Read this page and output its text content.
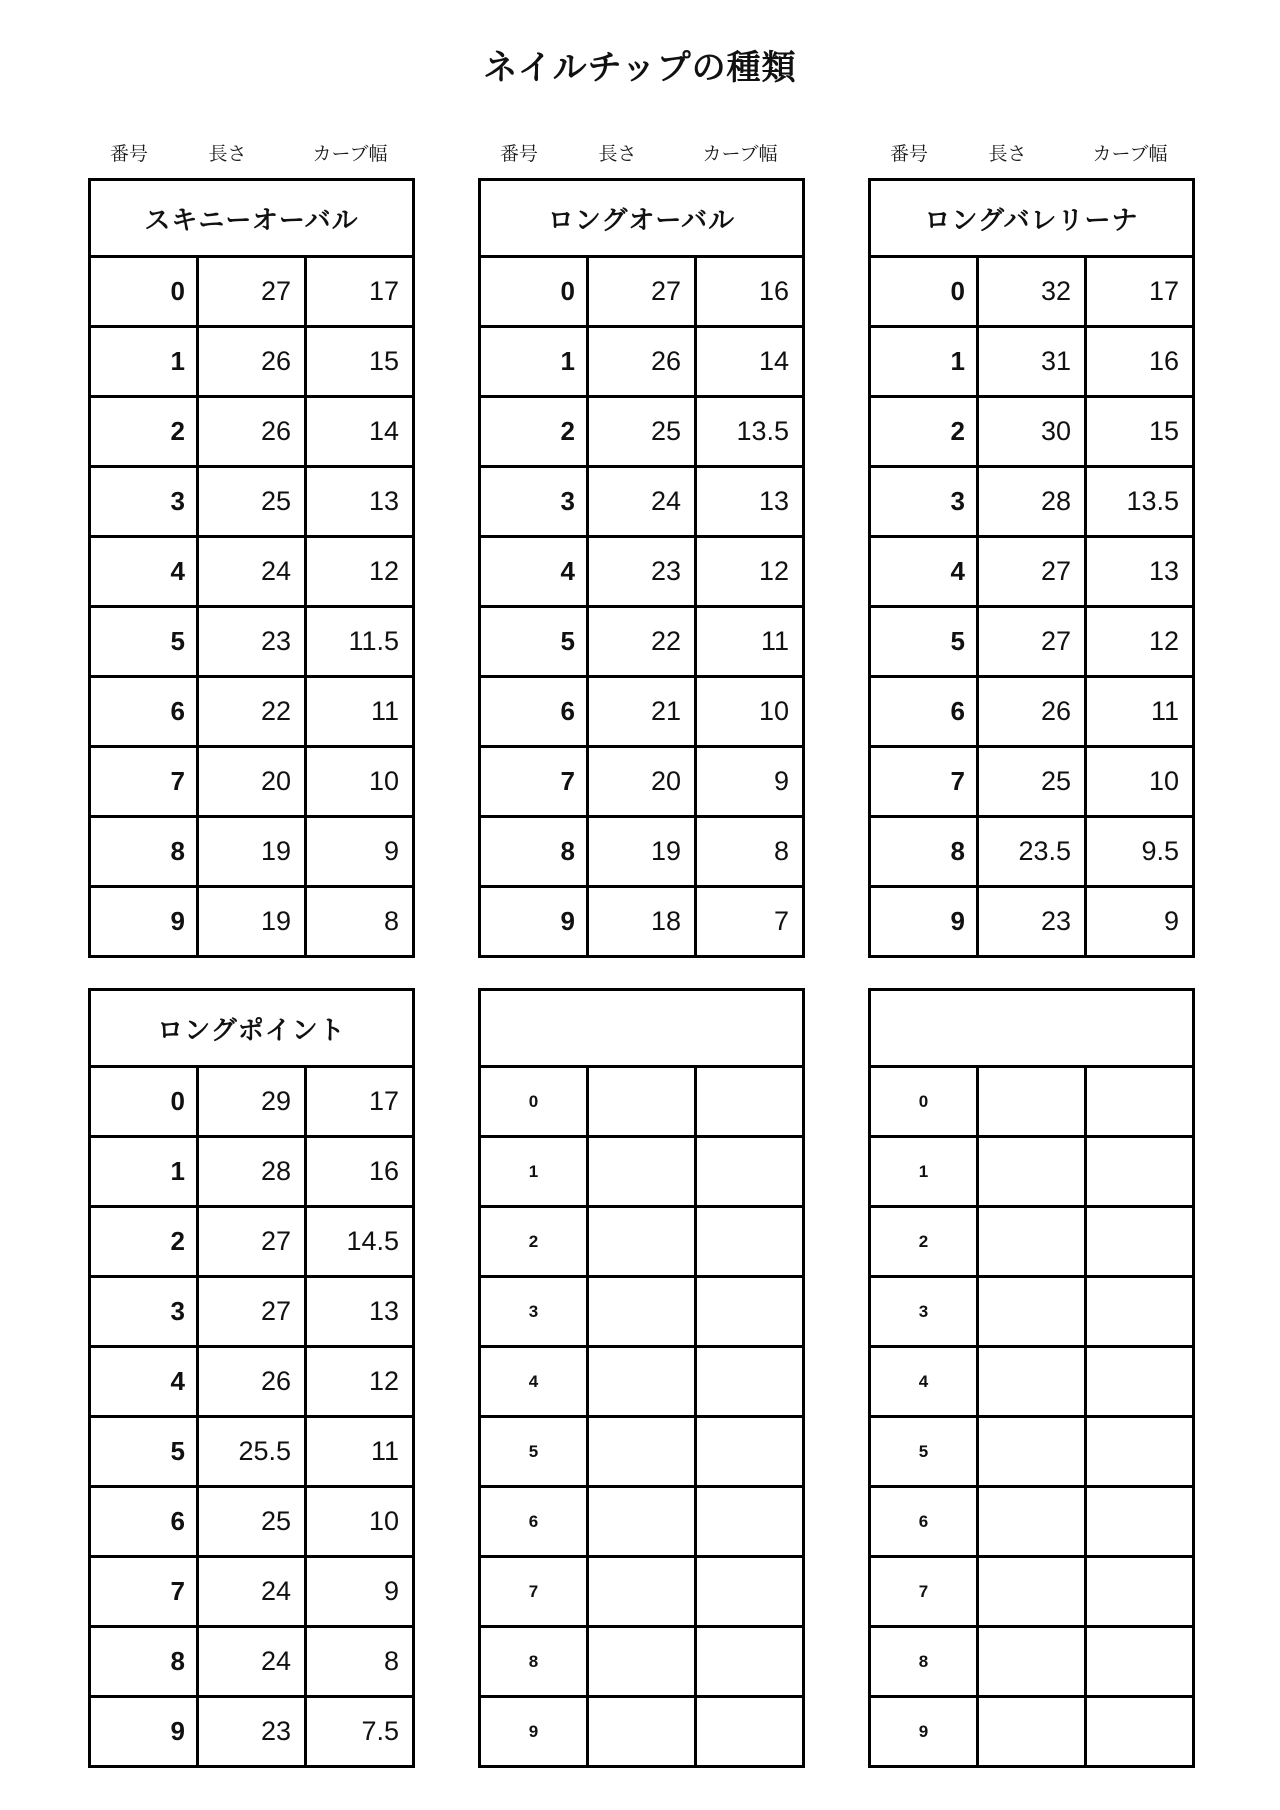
ネイルチップの種類
番号	長さ	カーブ幅
スキニーオーバル		
0	27	17
1	26	15
2	26	14
3	25	13
4	24	12
5	23	11.5
6	22	11
7	20	10
8	19	9
9	19	8
番号	長さ	カーブ幅
ロングオーバル		
0	27	16
1	26	14
2	25	13.5
3	24	13
4	23	12
5	22	11
6	21	10
7	20	9
8	19	8
9	18	7
番号	長さ	カーブ幅
ロングバレリーナ		
0	32	17
1	31	16
2	30	15
3	28	13.5
4	27	13
5	27	12
6	26	11
7	25	10
8	23.5	9.5
9	23	9
ロングポイント		
0	29	17
1	28	16
2	27	14.5
3	27	13
4	26	12
5	25.5	11
6	25	10
7	24	9
8	24	8
9	23	7.5

0		
1		
2		
3		
4		
5		
6		
7		
8		
9		

0		
1		
2		
3		
4		
5		
6		
7		
8		
9		
